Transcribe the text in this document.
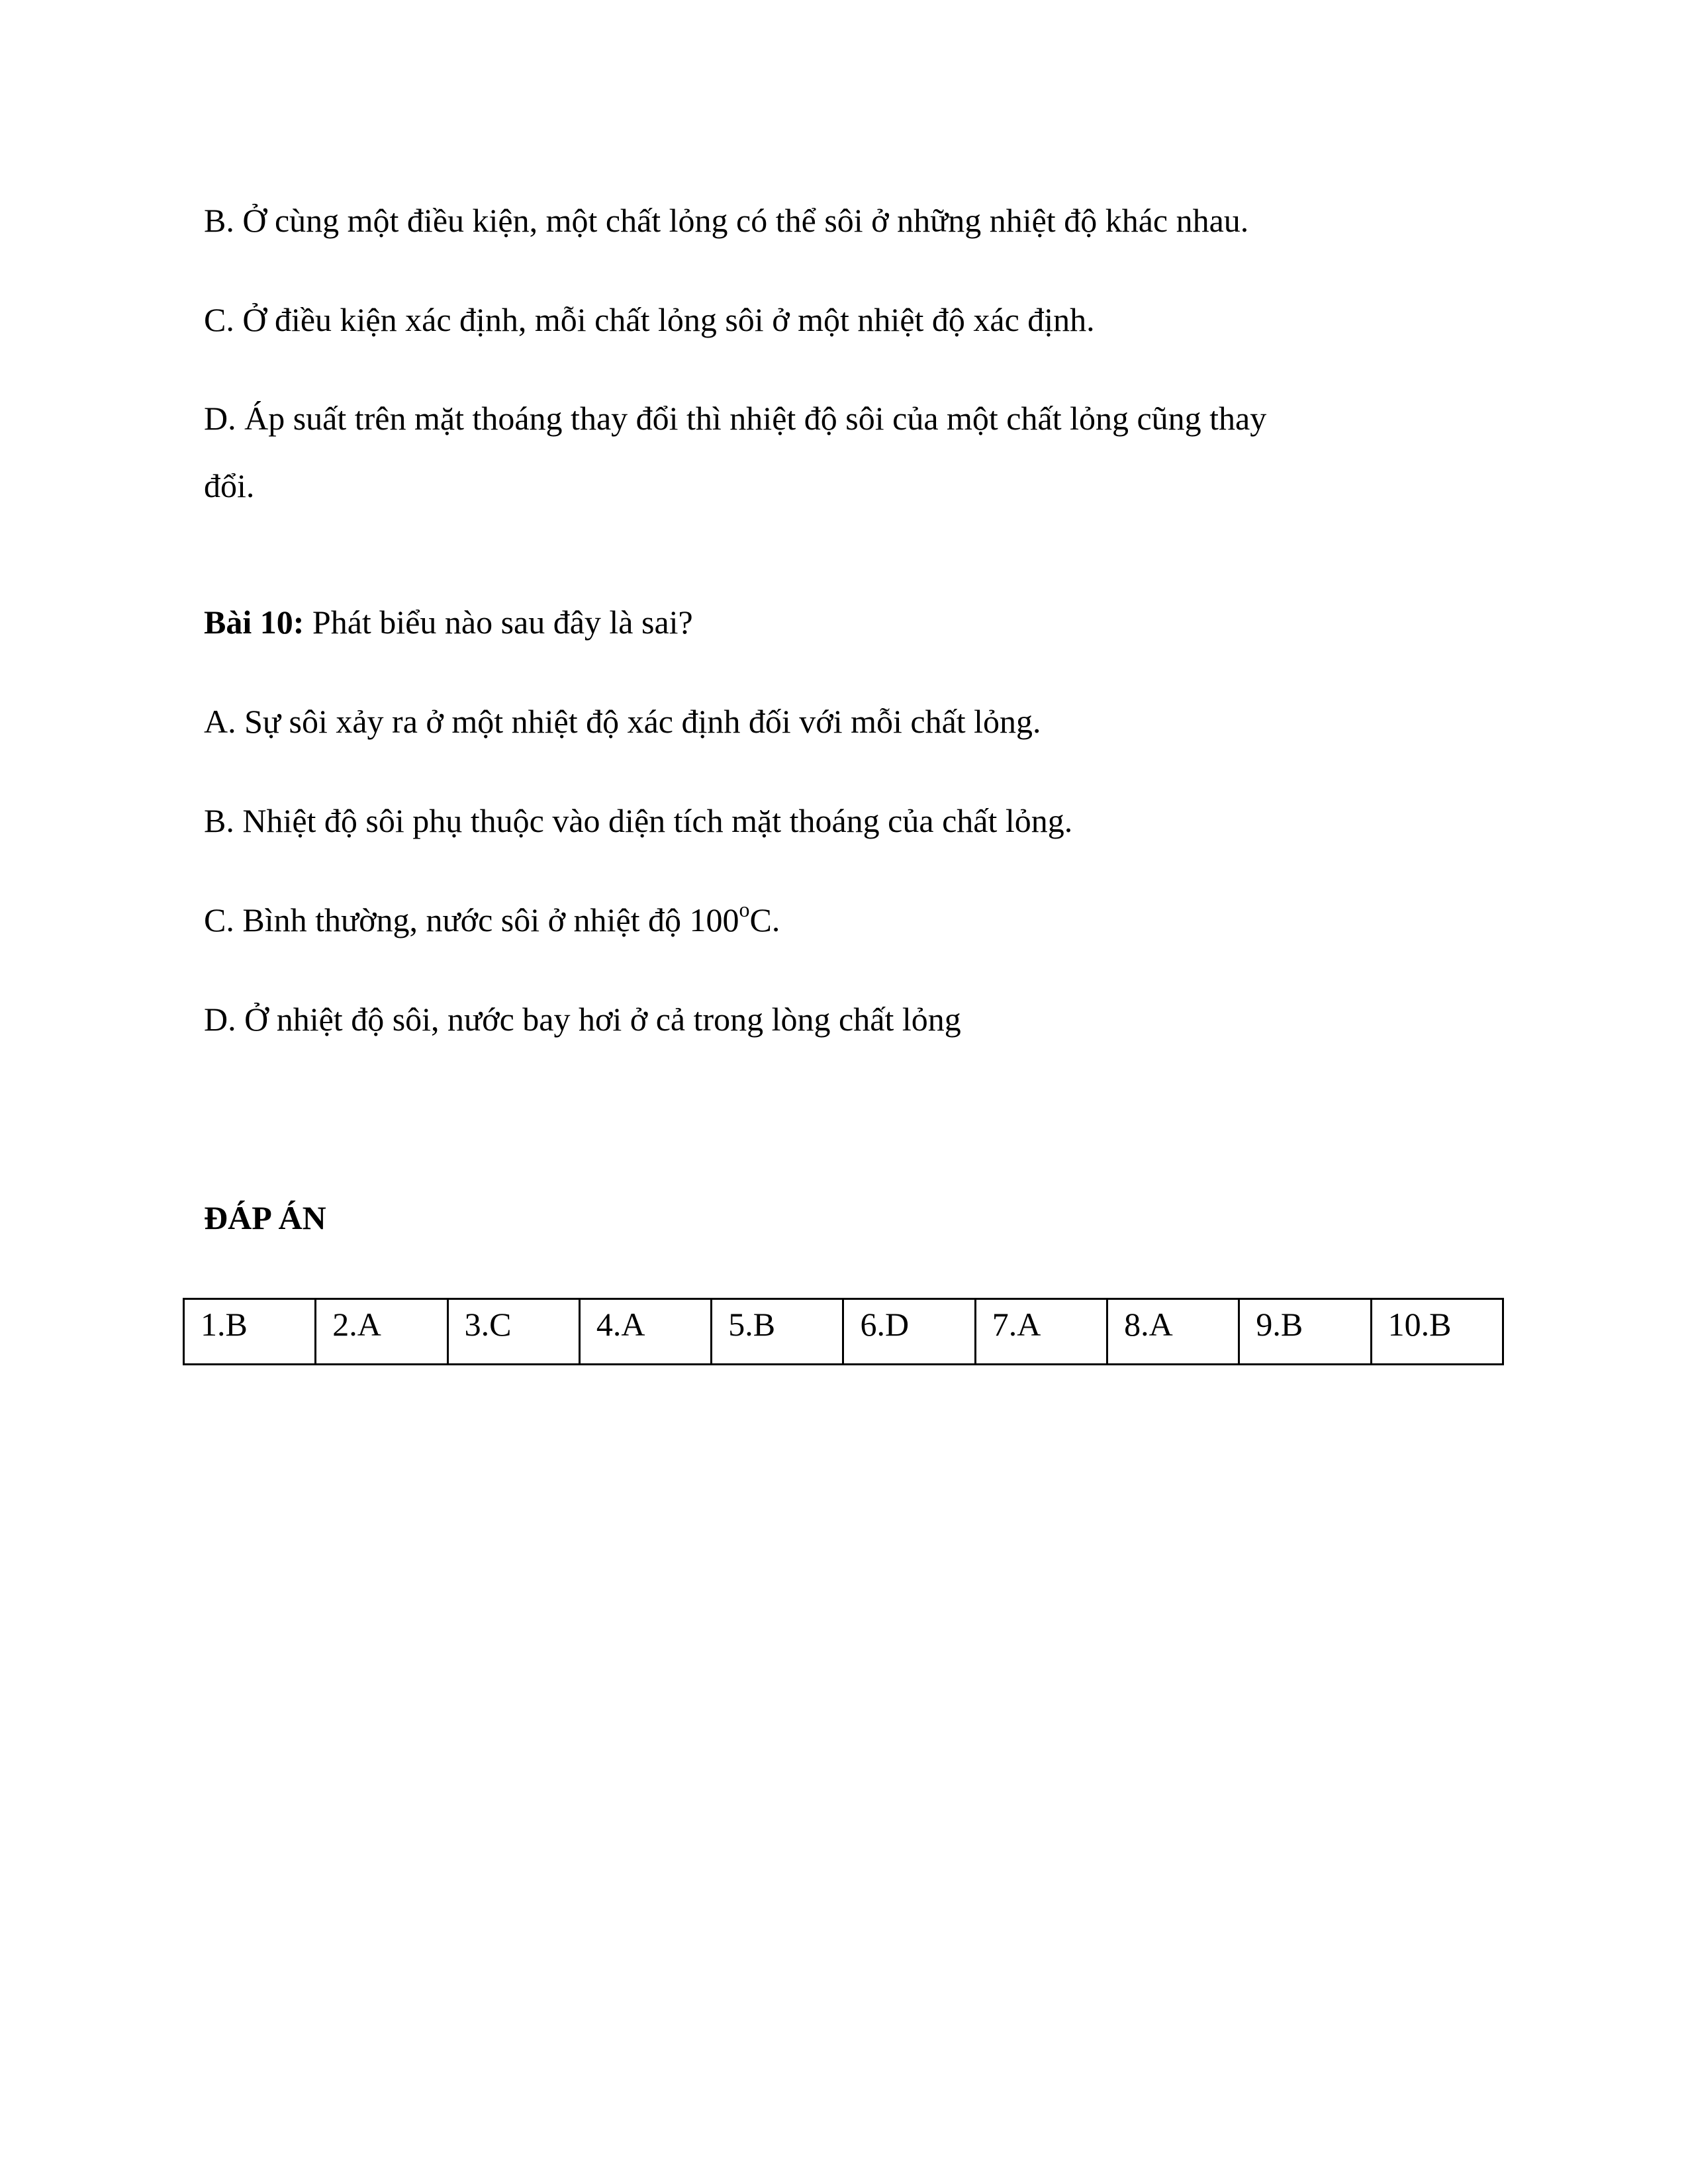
B. Ở cùng một điều kiện, một chất lỏng có thể sôi ở những nhiệt độ khác nhau.
C. Ở điều kiện xác định, mỗi chất lỏng sôi ở một nhiệt độ xác định.
D. Áp suất trên mặt thoáng thay đổi thì nhiệt độ sôi của một chất lỏng cũng thay
đổi.
Bài 10: Phát biểu nào sau đây là sai?
A. Sự sôi xảy ra ở một nhiệt độ xác định đối với mỗi chất lỏng.
B. Nhiệt độ sôi phụ thuộc vào diện tích mặt thoáng của chất lỏng.
C. Bình thường, nước sôi ở nhiệt độ 100$^o$C.
D. Ở nhiệt độ sôi, nước bay hơi ở cả trong lòng chất lỏng
ĐÁP ÁN
1.B	2.A	3.C	4.A	5.B	6.D	7.A	8.A	9.B	10.B
